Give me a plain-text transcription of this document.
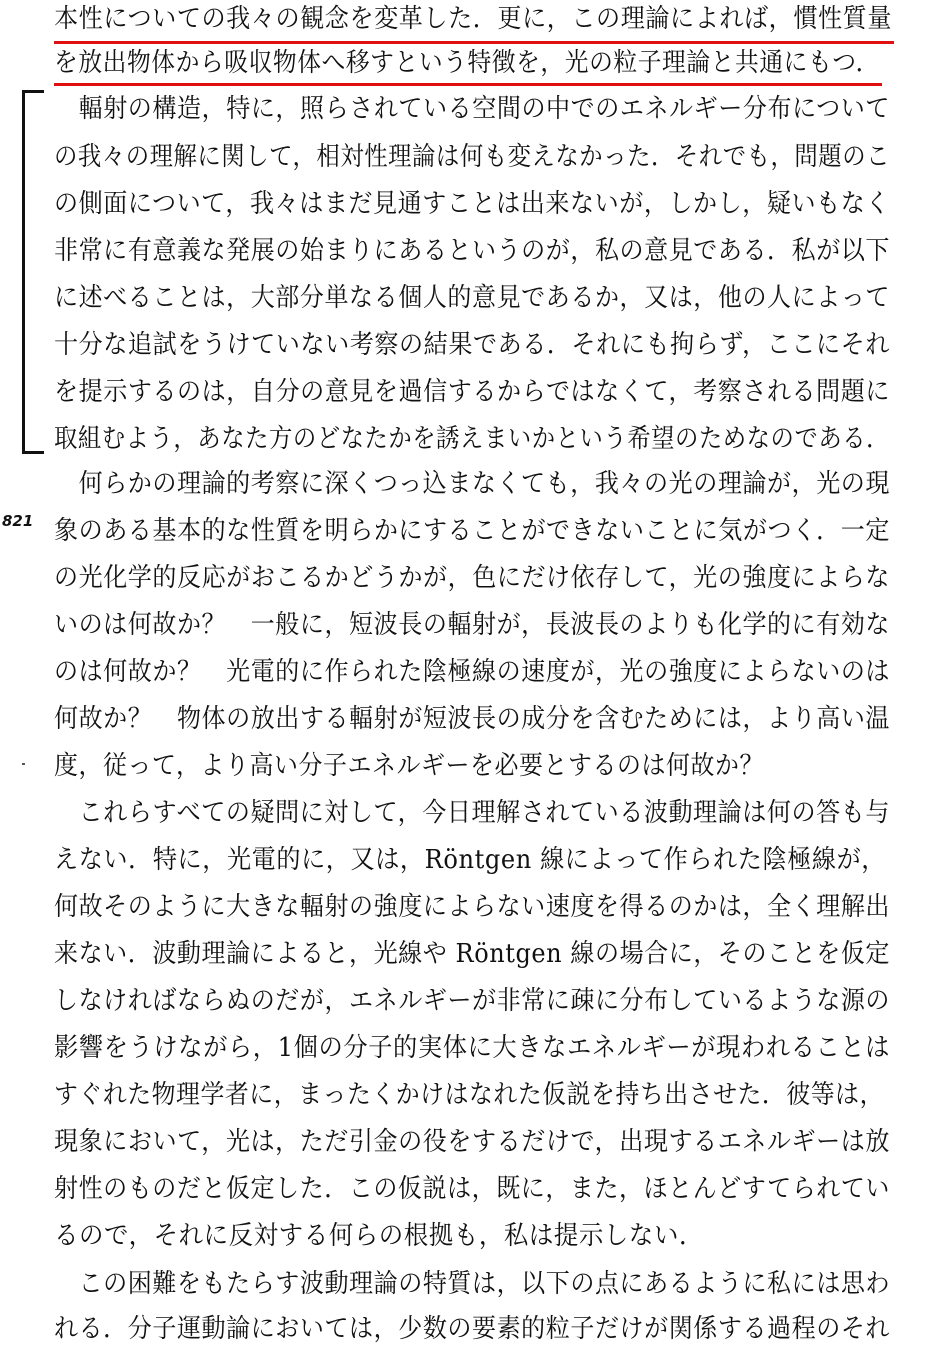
821
本性についての我々の観念を変革した．更に，この理論によれば，慣性質量
を放出物体から吸収物体へ移すという特徴を，光の粒子理論と共通にもつ．
　輻射の構造，特に，照らされている空間の中でのエネルギー分布について
の我々の理解に関して，相対性理論は何も変えなかった．それでも，問題のこ
の側面について，我々はまだ見通すことは出来ないが，しかし，疑いもなく
非常に有意義な発展の始まりにあるというのが，私の意見である．私が以下
に述べることは，大部分単なる個人的意見であるか，又は，他の人によって
十分な追試をうけていない考察の結果である．それにも拘らず，ここにそれ
を提示するのは，自分の意見を過信するからではなくて，考察される問題に
取組むよう，あなた方のどなたかを誘えまいかという希望のためなのである．
　何らかの理論的考察に深くつっ込まなくても，我々の光の理論が，光の現
象のある基本的な性質を明らかにすることができないことに気がつく．一定
の光化学的反応がおこるかどうかが，色にだけ依存して，光の強度によらな
いのは何故か？　一般に，短波長の輻射が，長波長のよりも化学的に有効な
のは何故か？　光電的に作られた陰極線の速度が，光の強度によらないのは
何故か？　物体の放出する輻射が短波長の成分を含むためには，より高い温
度，従って，より高い分子エネルギーを必要とするのは何故か？
　これらすべての疑問に対して，今日理解されている波動理論は何の答も与
えない．特に，光電的に，又は，Röntgen 線によって作られた陰極線が，
何故そのように大きな輻射の強度によらない速度を得るのかは，全く理解出
来ない．波動理論によると，光線や Röntgen 線の場合に，そのことを仮定
しなければならぬのだが，エネルギーが非常に疎に分布しているような源の
影響をうけながら，1個の分子的実体に大きなエネルギーが現われることは
すぐれた物理学者に，まったくかけはなれた仮説を持ち出させた．彼等は，
現象において，光は，ただ引金の役をするだけで，出現するエネルギーは放
射性のものだと仮定した．この仮説は，既に，また，ほとんどすてられてい
るので，それに反対する何らの根拠も，私は提示しない．
　この困難をもたらす波動理論の特質は，以下の点にあるように私には思わ
れる．分子運動論においては，少数の要素的粒子だけが関係する過程のそれ
